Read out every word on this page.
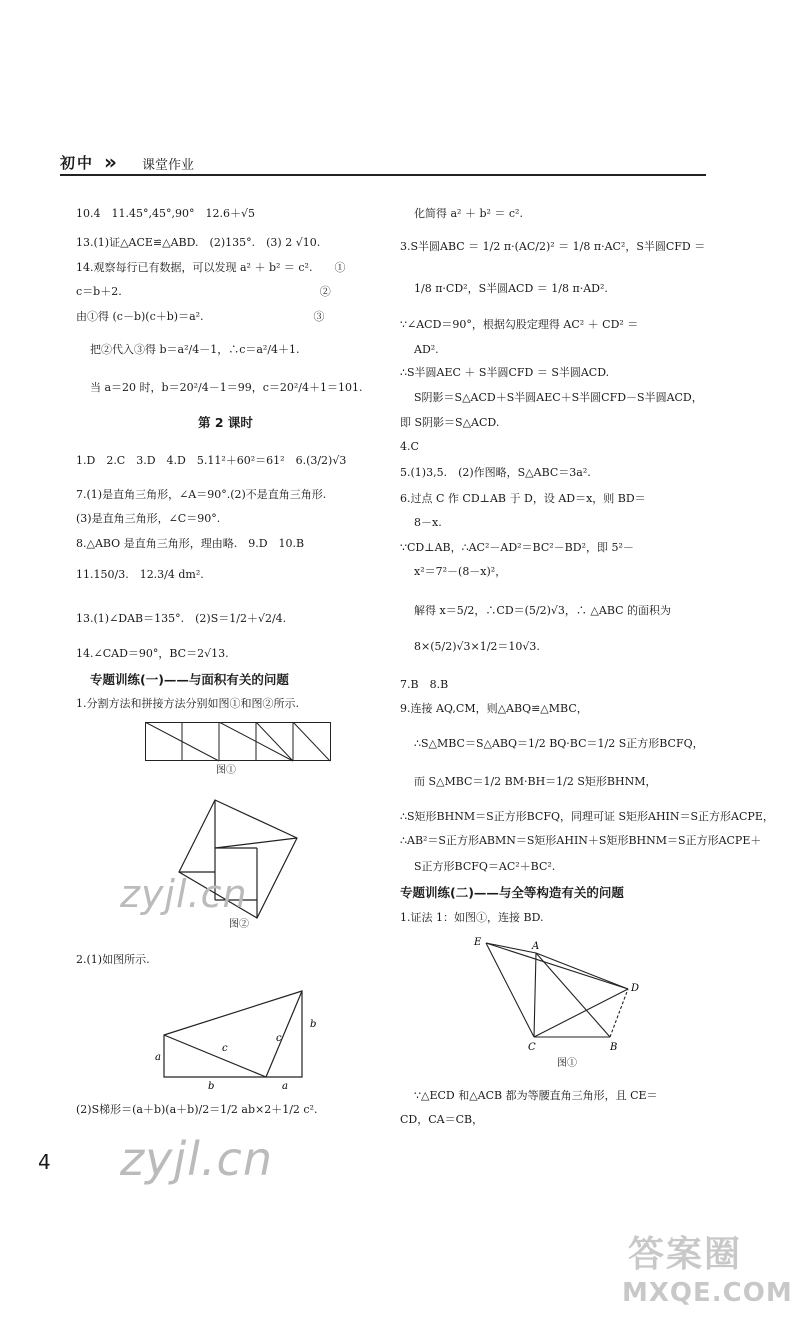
初中 » 课堂作业
10.4　11.45°,45°,90°　12.6＋√5
13.(1)证△ACE≌△ABD.　(2)135°.　(3) 2 √10.
14.观察每行已有数据，可以发现 a² ＋ b² ＝ c².　　①
c＝b＋2.　　　　　　　　　　　　　　　　　　②
由①得 (c－b)(c＋b)＝a².　　　　　　　　　　③
把②代入③得 b＝a²/4－1，∴c＝a²/4＋1.
当 a＝20 时，b＝20²/4－1＝99，c＝20²/4＋1＝101.
第 2 课时
1.D　2.C　3.D　4.D　5.11²＋60²＝61²　6.(3/2)√3
7.(1)是直角三角形，∠A＝90°.(2)不是直角三角形.
(3)是直角三角形，∠C＝90°.
8.△ABO 是直角三角形，理由略.　9.D　10.B
11.150/3.　12.3/4 dm².
13.(1)∠DAB＝135°.　(2)S＝1/2＋√2/4.
14.∠CAD＝90°，BC＝2√13.
专题训练(一)——与面积有关的问题
1.分割方法和拼接方法分别如图①和图②所示.
图①
图②
2.(1)如图所示.
(2)S梯形＝(a＋b)(a＋b)/2＝1/2 ab×2＋1/2 c².
a
b
c
c
b	a
化简得 a² ＋ b² ＝ c².
3.S半圆ABC ＝ 1/2 π·(AC/2)² ＝ 1/8 π·AC²，S半圆CFD ＝
1/8 π·CD²，S半圆ACD ＝ 1/8 π·AD².
∵∠ACD＝90°，根据勾股定理得 AC² ＋ CD² ＝
AD².
∴S半圆AEC ＋ S半圆CFD ＝ S半圆ACD.
S阴影＝S△ACD＋S半圆AEC＋S半圆CFD－S半圆ACD，
即 S阴影＝S△ACD.
4.C
5.(1)3,5.　(2)作图略，S△ABC＝3a².
6.过点 C 作 CD⊥AB 于 D，设 AD＝x，则 BD＝
8－x.
∵CD⊥AB，∴AC²－AD²＝BC²－BD²，即 5²－
x²＝7²－(8－x)²，
解得 x＝5/2，∴CD＝(5/2)√3，∴ △ABC 的面积为
8×(5/2)√3×1/2＝10√3.
7.B　8.B
9.连接 AQ,CM，则△ABQ≌△MBC，
∴S△MBC＝S△ABQ＝1/2 BQ·BC＝1/2 S正方形BCFQ，
而 S△MBC＝1/2 BM·BH＝1/2 S矩形BHNM，
∴S矩形BHNM＝S正方形BCFQ，同理可证 S矩形AHIN＝S正方形ACPE，
∴AB²＝S正方形ABMN＝S矩形AHIN＋S矩形BHNM＝S正方形ACPE＋
S正方形BCFQ＝AC²＋BC².
专题训练(二)——与全等构造有关的问题
1.证法 1：如图①，连接 BD.
图①
∵△ECD 和△ACB 都为等腰直角三角形，且 CE＝
CD，CA＝CB，
E	A
D
C	B
4
zyjl.cn
zyjl.cn
答案圈
MXQE.COM
